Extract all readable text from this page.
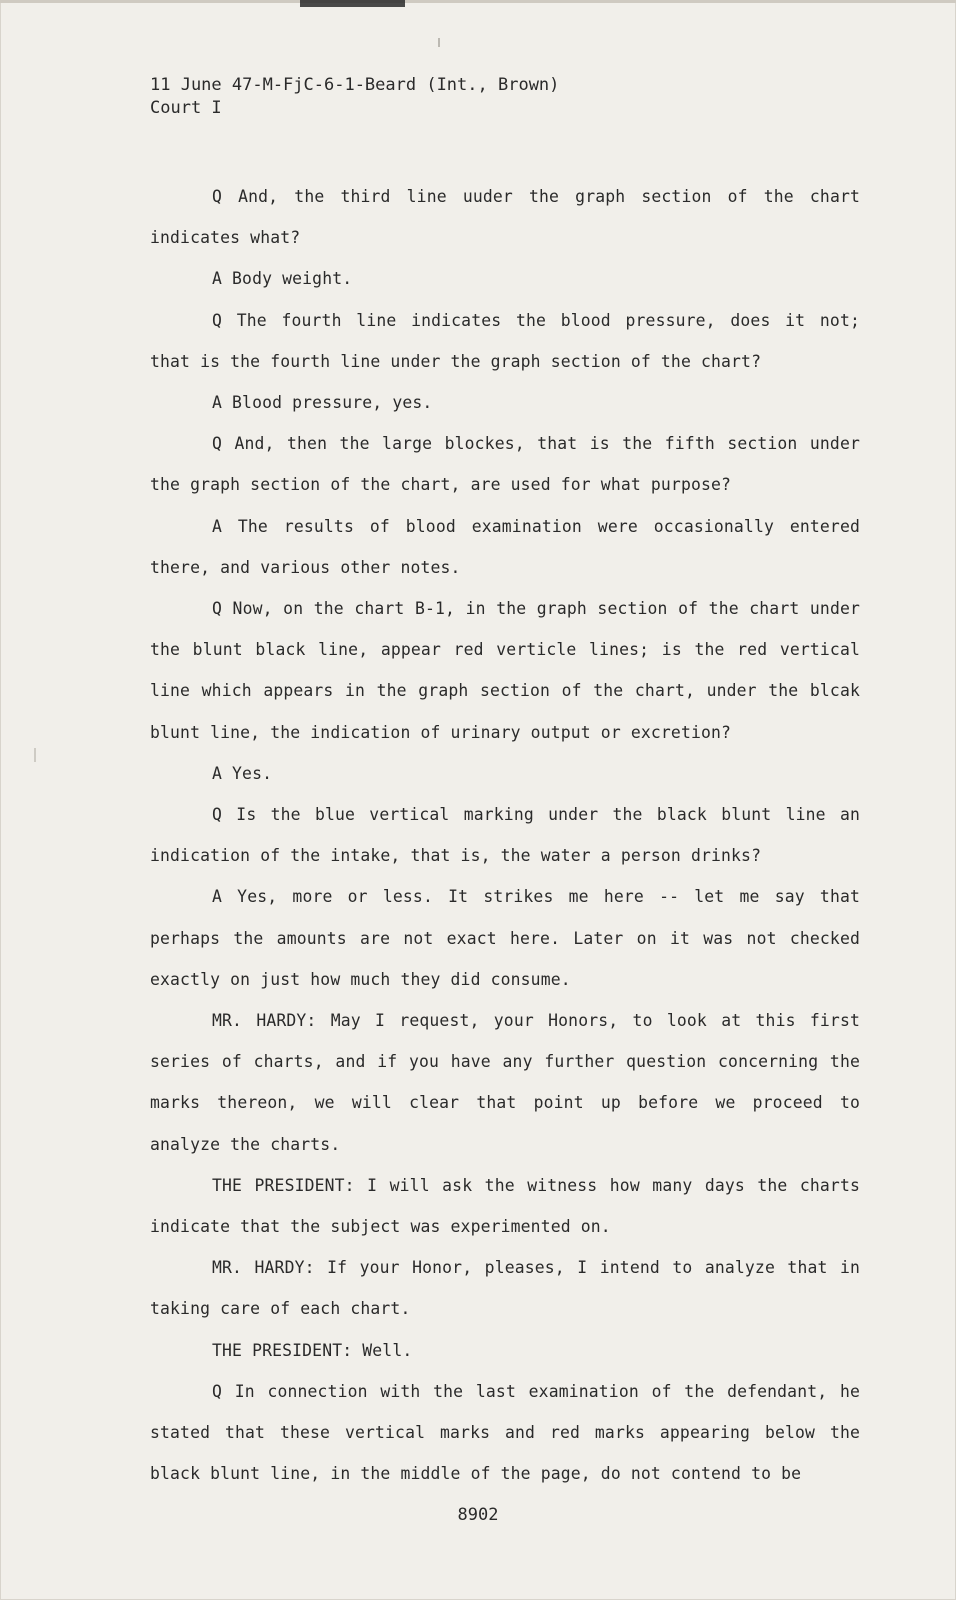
11 June 47-M-FjC-6-1-Beard (Int., Brown)
Court I

Q And, the third line uuder the graph section of the chart indicates what?

A Body weight.

Q The fourth line indicates the blood pressure, does it not; that is the fourth line under the graph section of the chart?

A Blood pressure, yes.

Q And, then the large blockes, that is the fifth section under the graph section of the chart, are used for what purpose?

A The results of blood examination were occasionally entered there, and various other notes.

Q Now, on the chart B-1, in the graph section of the chart under the blunt black line, appear red verticle lines; is the red vertical line which appears in the graph section of the chart, under the blcak blunt line, the indication of urinary output or excretion?

A Yes.

Q Is the blue vertical marking under the black blunt line an indication of the intake, that is, the water a person drinks?

A Yes, more or less. It strikes me here -- let me say that perhaps the amounts are not exact here. Later on it was not checked exactly on just how much they did consume.

MR. HARDY: May I request, your Honors, to look at this first series of charts, and if you have any further question concerning the marks thereon, we will clear that point up before we proceed to analyze the charts.

THE PRESIDENT: I will ask the witness how many days the charts indicate that the subject was experimented on.

MR. HARDY: If your Honor, pleases, I intend to analyze that in taking care of each chart.

THE PRESIDENT: Well.

Q In connection with the last examination of the defendant, he stated that these vertical marks and red marks appearing below the black blunt line, in the middle of the page, do not contend to be

8902
